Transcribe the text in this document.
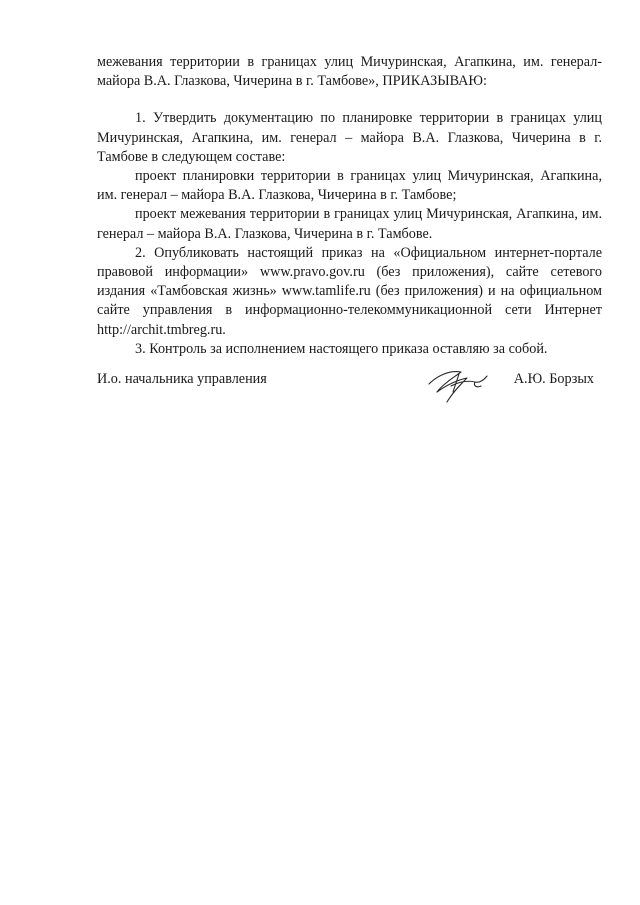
межевания территории в границах улиц Мичуринская, Агапкина, им. генерал-майора В.А. Глазкова, Чичерина в г. Тамбове», ПРИКАЗЫВАЮ:

1. Утвердить документацию по планировке территории в границах улиц Мичуринская, Агапкина, им. генерал – майора В.А. Глазкова, Чичерина в г. Тамбове в следующем составе:

проект планировки территории в границах улиц Мичуринская, Агапкина, им. генерал – майора В.А. Глазкова, Чичерина в г. Тамбове;

проект межевания территории в границах улиц Мичуринская, Агапкина, им. генерал – майора В.А. Глазкова, Чичерина в г. Тамбове.

2. Опубликовать настоящий приказ на «Официальном интернет-портале правовой информации» www.pravo.gov.ru (без приложения), сайте сетевого издания «Тамбовская жизнь» www.tamlife.ru (без приложения) и на официальном сайте управления в информационно-телекоммуникационной сети Интернет http://archit.tmbreg.ru.

3. Контроль за исполнением настоящего приказа оставляю за собой.

И.о. начальника управления	А.Ю. Борзых
